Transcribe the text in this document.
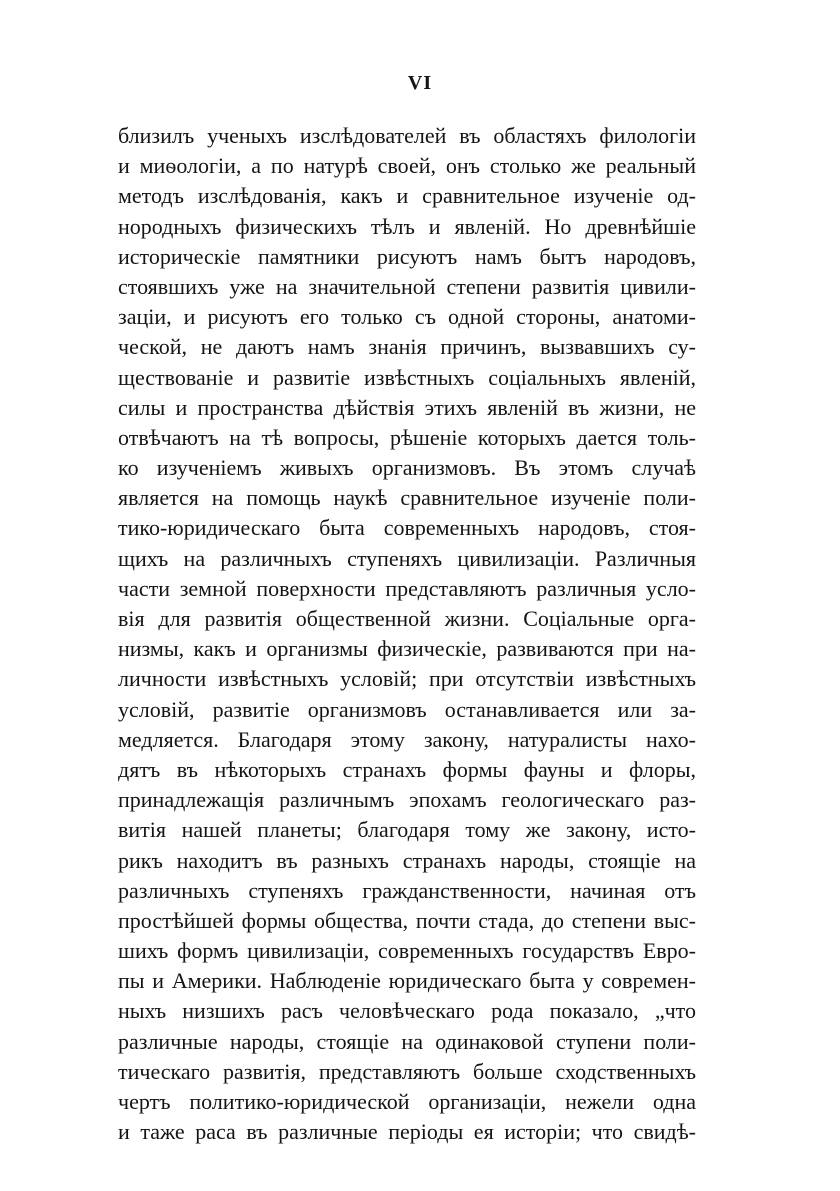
VI
близилъ ученыхъ изслѣдователей въ областяхъ филологіи
и миѳологіи, а по натурѣ своей, онъ столько же реальный
методъ изслѣдованія, какъ и сравнительное изученіе од-
нородныхъ физическихъ тѣлъ и явленій. Но древнѣйшіе
историческіе памятники рисуютъ намъ бытъ народовъ,
стоявшихъ уже на значительной степени развитія цивили-
заціи, и рисуютъ его только съ одной стороны, анатоми-
ческой, не даютъ намъ знанія причинъ, вызвавшихъ су-
ществованіе и развитіе извѣстныхъ соціальныхъ явленій,
силы и пространства дѣйствія этихъ явленій въ жизни, не
отвѣчаютъ на тѣ вопросы, рѣшеніе которыхъ дается толь-
ко изученіемъ живыхъ организмовъ. Въ этомъ случаѣ
является на помощь наукѣ сравнительное изученіе поли-
тико-юридическаго быта современныхъ народовъ, стоя-
щихъ на различныхъ ступеняхъ цивилизаціи. Различныя
части земной поверхности представляютъ различныя усло-
вія для развитія общественной жизни. Соціальные орга-
низмы, какъ и организмы физическіе, развиваются при на-
личности извѣстныхъ условій; при отсутствіи извѣстныхъ
условій, развитіе организмовъ останавливается или за-
медляется. Благодаря этому закону, натуралисты нахо-
дятъ въ нѣкоторыхъ странахъ формы фауны и флоры,
принадлежащія различнымъ эпохамъ геологическаго раз-
витія нашей планеты; благодаря тому же закону, исто-
рикъ находитъ въ разныхъ странахъ народы, стоящіе на
различныхъ ступеняхъ гражданственности, начиная отъ
простѣйшей формы общества, почти стада, до степени выс-
шихъ формъ цивилизаціи, современныхъ государствъ Евро-
пы и Америки. Наблюденіе юридическаго быта у современ-
ныхъ низшихъ расъ человѣческаго рода показало, „что
различные народы, стоящіе на одинаковой ступени поли-
тическаго развитія, представляютъ больше сходственныхъ
чертъ политико-юридической организаціи, нежели одна
и таже раса въ различные періоды ея исторіи; что свидѣ-
